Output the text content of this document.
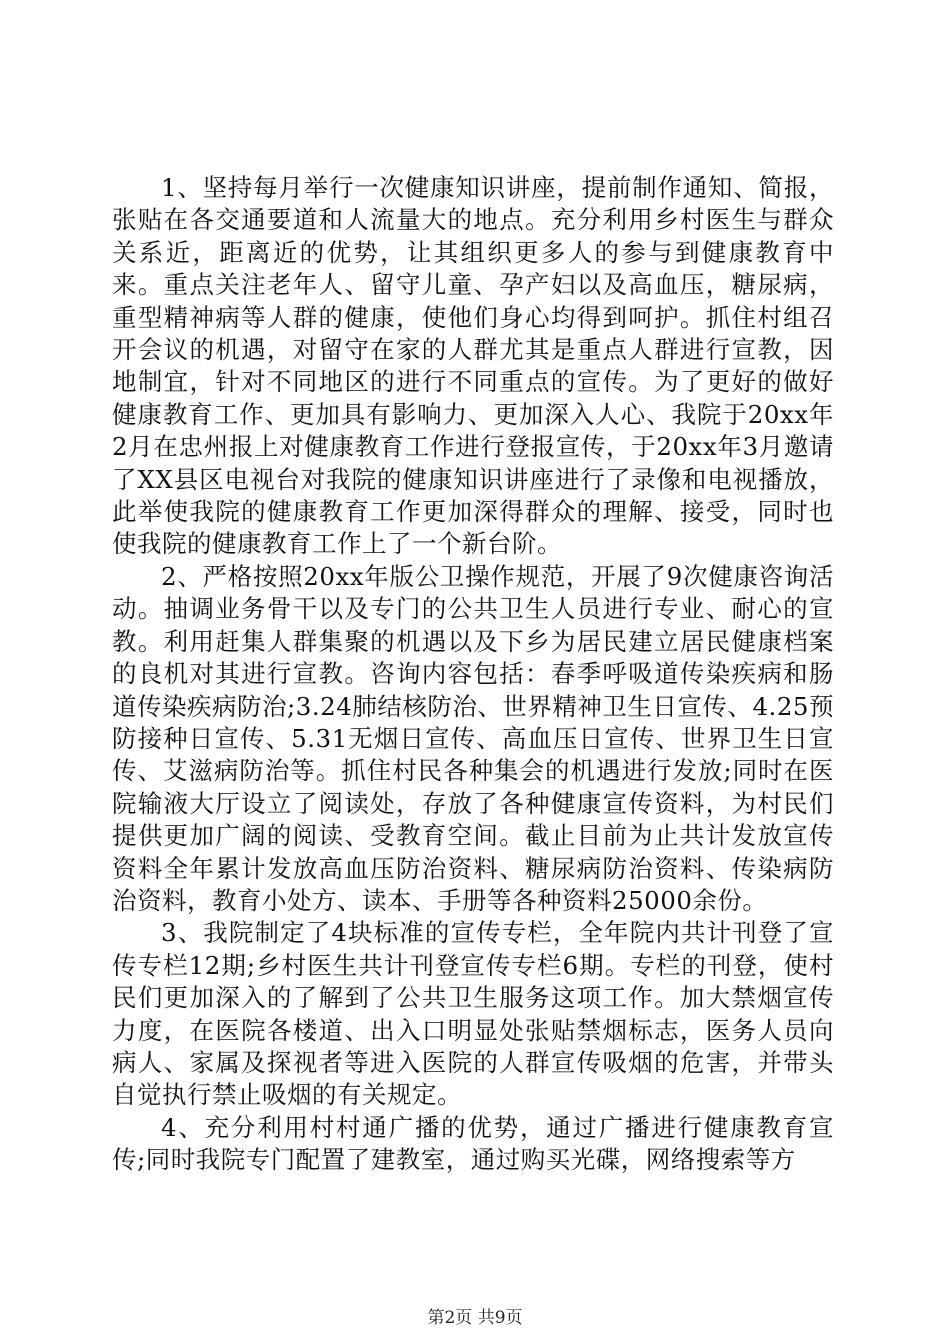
1、坚持每月举行一次健康知识讲座，提前制作通知、简报，张贴在各交通要道和人流量大的地点。充分利用乡村医生与群众关系近，距离近的优势，让其组织更多人的参与到健康教育中来。重点关注老年人、留守儿童、孕产妇以及高血压，糖尿病，重型精神病等人群的健康，使他们身心均得到呵护。抓住村组召开会议的机遇，对留守在家的人群尤其是重点人群进行宣教，因地制宜，针对不同地区的进行不同重点的宣传。为了更好的做好健康教育工作、更加具有影响力、更加深入人心、我院于20xx年2月在忠州报上对健康教育工作进行登报宣传，于20xx年3月邀请了XX县区电视台对我院的健康知识讲座进行了录像和电视播放，此举使我院的健康教育工作更加深得群众的理解、接受，同时也使我院的健康教育工作上了一个新台阶。

2、严格按照20xx年版公卫操作规范，开展了9次健康咨询活动。抽调业务骨干以及专门的公共卫生人员进行专业、耐心的宣教。利用赶集人群集聚的机遇以及下乡为居民建立居民健康档案的良机对其进行宣教。咨询内容包括：春季呼吸道传染疾病和肠道传染疾病防治;3.24肺结核防治、世界精神卫生日宣传、4.25预防接种日宣传、5.31无烟日宣传、高血压日宣传、世界卫生日宣传、艾滋病防治等。抓住村民各种集会的机遇进行发放;同时在医院输液大厅设立了阅读处，存放了各种健康宣传资料，为村民们提供更加广阔的阅读、受教育空间。截止目前为止共计发放宣传资料全年累计发放高血压防治资料、糖尿病防治资料、传染病防治资料，教育小处方、读本、手册等各种资料25000余份。

3、我院制定了4块标准的宣传专栏，全年院内共计刊登了宣传专栏12期;乡村医生共计刊登宣传专栏6期。专栏的刊登，使村民们更加深入的了解到了公共卫生服务这项工作。加大禁烟宣传力度，在医院各楼道、出入口明显处张贴禁烟标志，医务人员向病人、家属及探视者等进入医院的人群宣传吸烟的危害，并带头自觉执行禁止吸烟的有关规定。

4、充分利用村村通广播的优势，通过广播进行健康教育宣传;同时我院专门配置了建教室，通过购买光碟，网络搜索等方

第2页 共9页
